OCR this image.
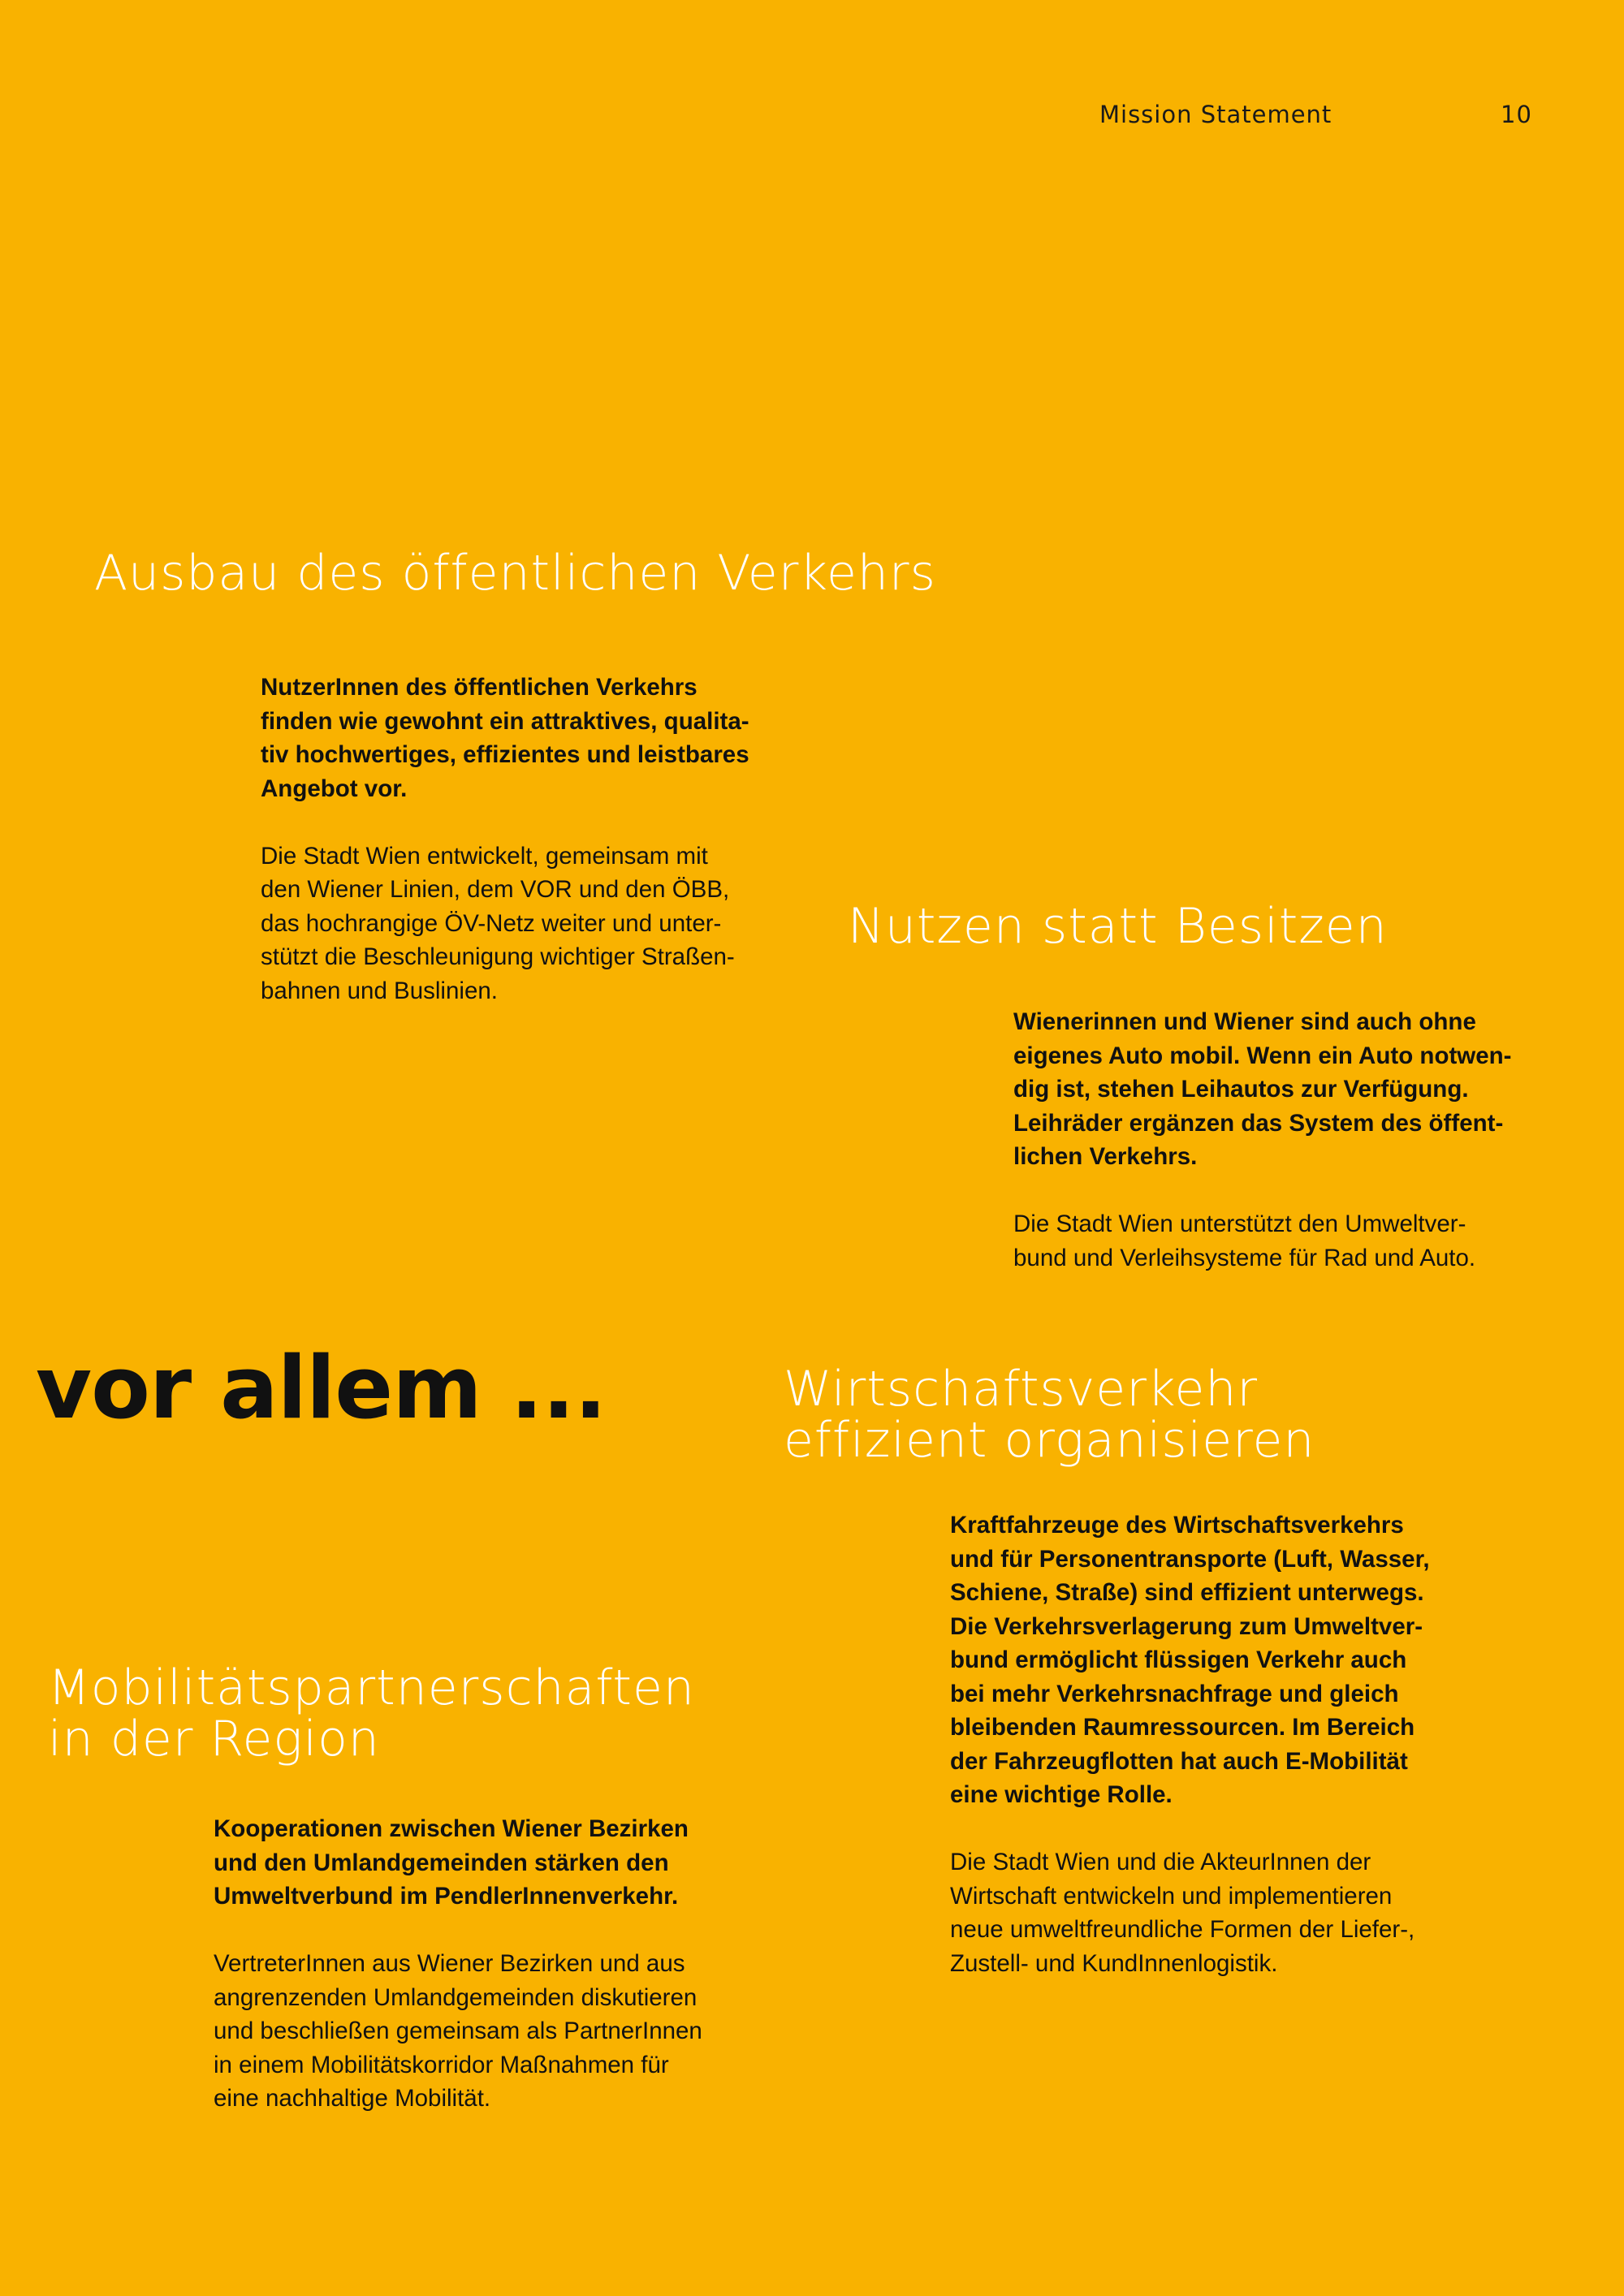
Mission Statement	10
Ausbau des öffentlichen Verkehrs

NutzerInnen des öffentlichen Verkehrs
finden wie gewohnt ein attraktives, qualita-
tiv hochwertiges, effizientes und leistbares
Angebot vor.

Die Stadt Wien entwickelt, gemeinsam mit
den Wiener Linien, dem VOR und den ÖBB,
das hochrangige ÖV-Netz weiter und unter-
stützt die Beschleunigung wichtiger Straßen-
bahnen und Buslinien.

Nutzen statt Besitzen

Wienerinnen und Wiener sind auch ohne
eigenes Auto mobil. Wenn ein Auto notwen-
dig ist, stehen Leihautos zur Verfügung.
Leihräder ergänzen das System des öffent-
lichen Verkehrs.

Die Stadt Wien unterstützt den Umweltver-
bund und Verleihsysteme für Rad und Auto.

vor allem ...	Wirtschaftsverkehr
effizient organisieren

Kraftfahrzeuge des Wirtschaftsverkehrs
und für Personentransporte (Luft, Wasser,
Schiene, Straße) sind effizient unterwegs.
Die Verkehrsverlagerung zum Umweltver-
bund ermöglicht flüssigen Verkehr auch
bei mehr Verkehrsnachfrage und gleich
bleibenden Raumressourcen. Im Bereich
der Fahrzeugflotten hat auch E-Mobilität
eine wichtige Rolle.

Die Stadt Wien und die AkteurInnen der
Wirtschaft entwickeln und implementieren
neue umweltfreundliche Formen der Liefer-,
Zustell- und KundInnenlogistik.

Mobilitätspartnerschaften
in der Region

Kooperationen zwischen Wiener Bezirken
und den Umlandgemeinden stärken den
Umweltverbund im PendlerInnenverkehr.

VertreterInnen aus Wiener Bezirken und aus
angrenzenden Umlandgemeinden diskutieren
und beschließen gemeinsam als PartnerInnen
in einem Mobilitätskorridor Maßnahmen für
eine nachhaltige Mobilität.
